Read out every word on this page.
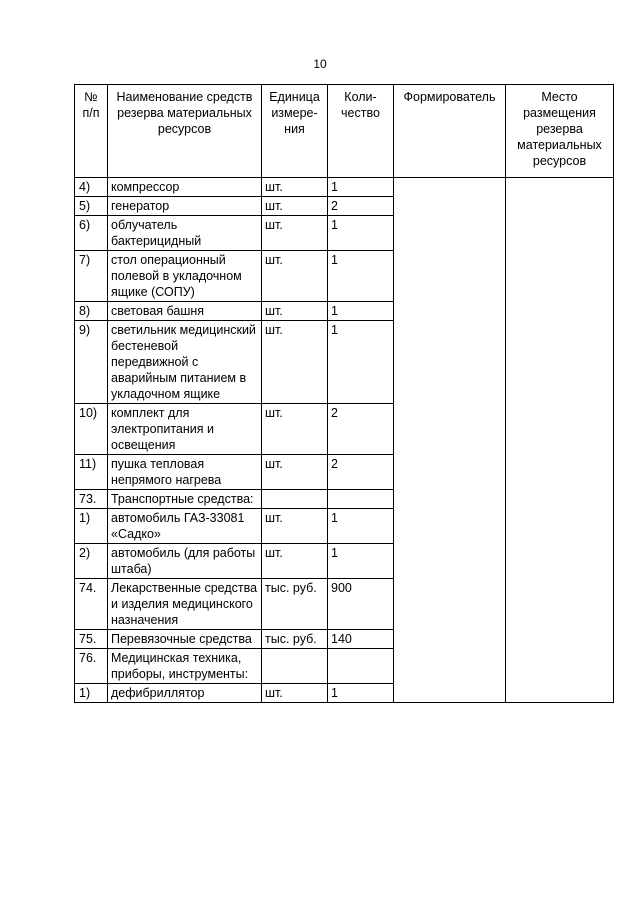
10
№ п/п	Наименование средств резерва материальных ресурсов	Единица измере-ния	Коли-чество	Формирователь	Место размещения резерва материальных ресурсов
4)	компрессор	шт.	1		
5)	генератор	шт.	2		
6)	облучатель бактерицидный	шт.	1		
7)	стол операционный полевой в укладочном ящике (СОПУ)	шт.	1		
8)	световая башня	шт.	1		
9)	светильник медицинский бестеневой передвижной с аварийным питанием в укладочном ящике	шт.	1		
10)	комплект для электропитания и освещения	шт.	2		
11)	пушка тепловая непрямого нагрева	шт.	2		
73.	Транспортные средства:				
1)	автомобиль ГАЗ-33081 «Садко»	шт.	1		
2)	автомобиль (для работы штаба)	шт.	1		
74.	Лекарственные средства и изделия медицинского назначения	тыс. руб.	900		
75.	Перевязочные средства	тыс. руб.	140		
76.	Медицинская техника, приборы, инструменты:				
1)	дефибриллятор	шт.	1		
